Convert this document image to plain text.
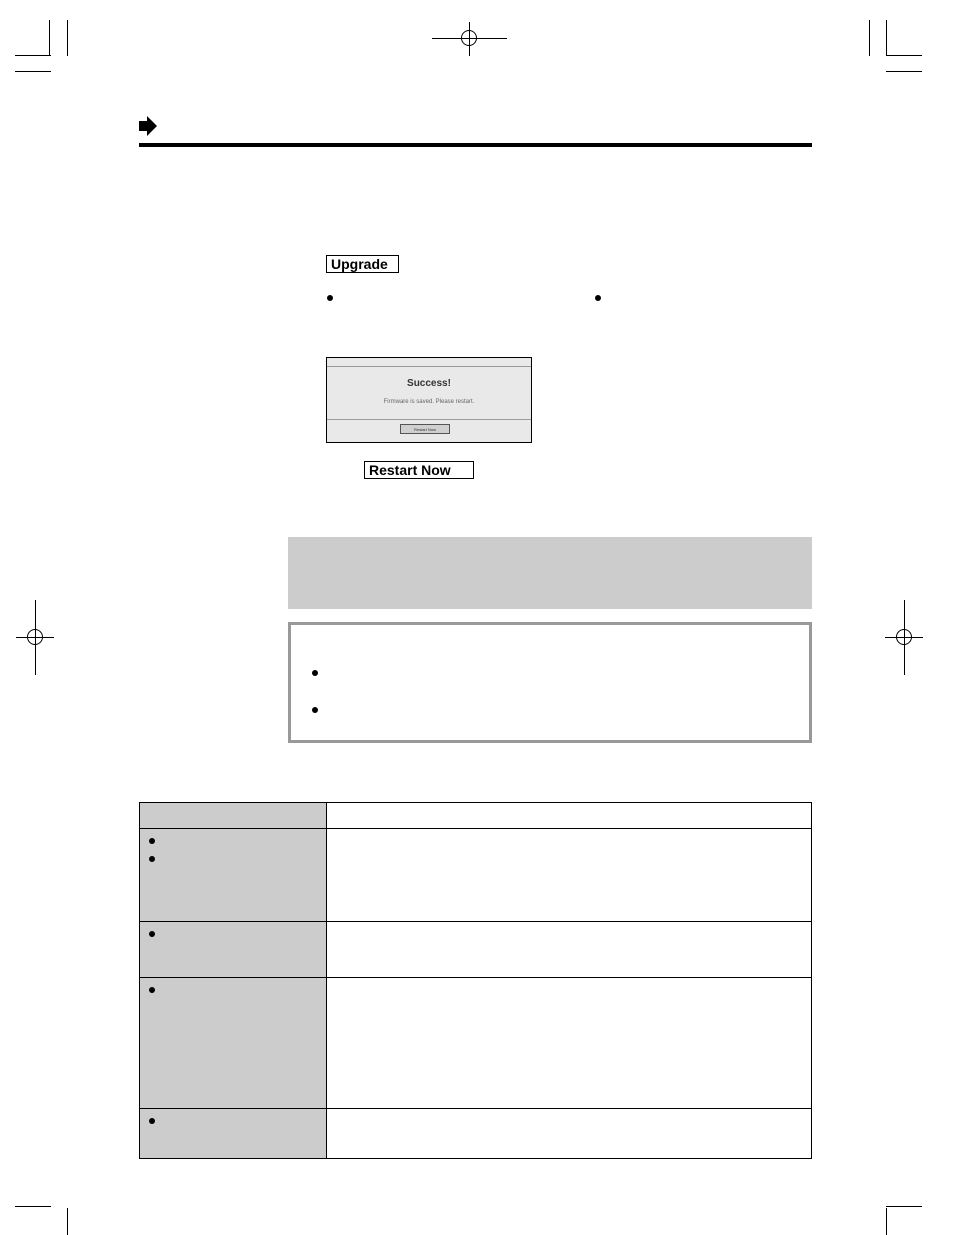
Upgrade
Success!
Firmware is saved. Please restart.
Restart Now
Restart Now
